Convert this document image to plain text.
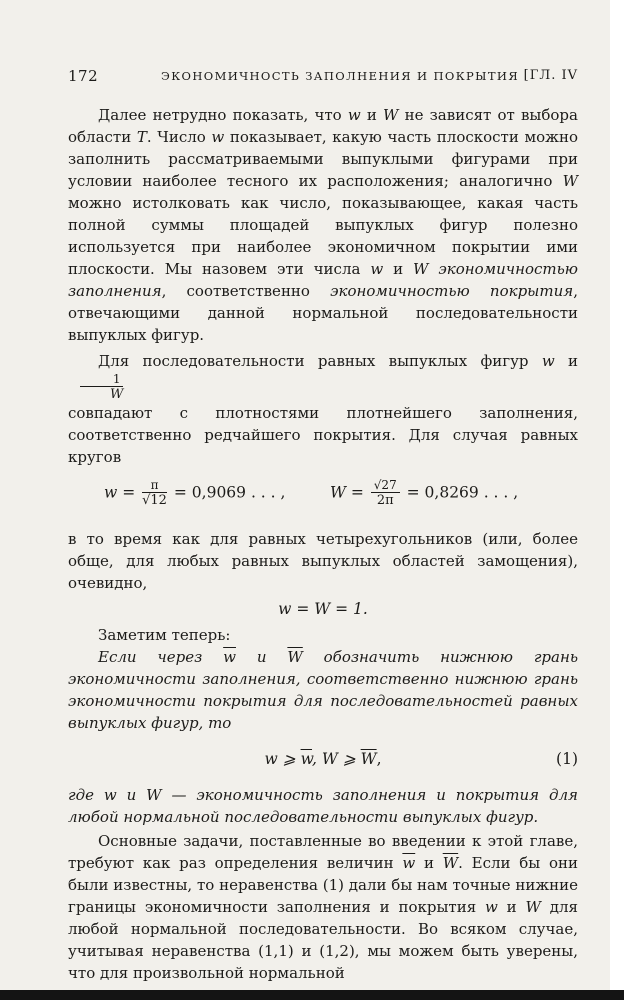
172	ЭКОНОМИЧНОСТЬ ЗАПОЛНЕНИЯ И ПОКРЫТИЯ [ГЛ. IV

Далее нетрудно показать, что w и W не зависят от выбора области T. Число w показывает, какую часть плоскости можно заполнить рассматриваемыми выпуклыми фигурами при условии наиболее тесного их расположения; аналогично W можно истолковать как число, показывающее, какая часть полной суммы площадей выпуклых фигур полезно используется при наиболее экономичном покрытии ими плоскости. Мы назовем эти числа w и W экономичностью заполнения, соответственно экономичностью покрытия, отвечающими данной нормальной последовательности выпуклых фигур.

Для последовательности равных выпуклых фигур w и
$\frac{1}{W}$

совпадают с плотностями плотнейшего заполнения, соответственно редчайшего покрытия. Для случая равных кругов

$w = \frac{\pi}{√12} = 0,9069$ . . . ,	$W = \frac{√27}{2\pi} = 0,8269$ . . . ,

в то время как для равных четырехугольников (или, более обще, для любых равных выпуклых областей замощения), очевидно,

w = W = 1.

Заметим теперь:

Если через $\overline{w}$ и $\overline{W}$ обозначить нижнюю грань экономичности заполнения, соответственно нижнюю грань экономичности покрытия для последовательностей равных выпуклых фигур, то

w ⩾ $\overline{w}$, W ⩾ $\overline{W}$,	(1)

где w и W — экономичность заполнения и покрытия для любой нормальной последовательности выпуклых фигур.

Основные задачи, поставленные во введении к этой главе, требуют как раз определения величин $\overline{w}$ и $\overline{W}$. Если бы они были известны, то неравенства (1) дали бы нам точные нижние границы экономичности заполнения и покрытия w и W для любой нормальной последовательности. Во всяком случае, учитывая неравенства (1,1) и (1,2), мы можем быть уверены, что для произвольной нормальной
